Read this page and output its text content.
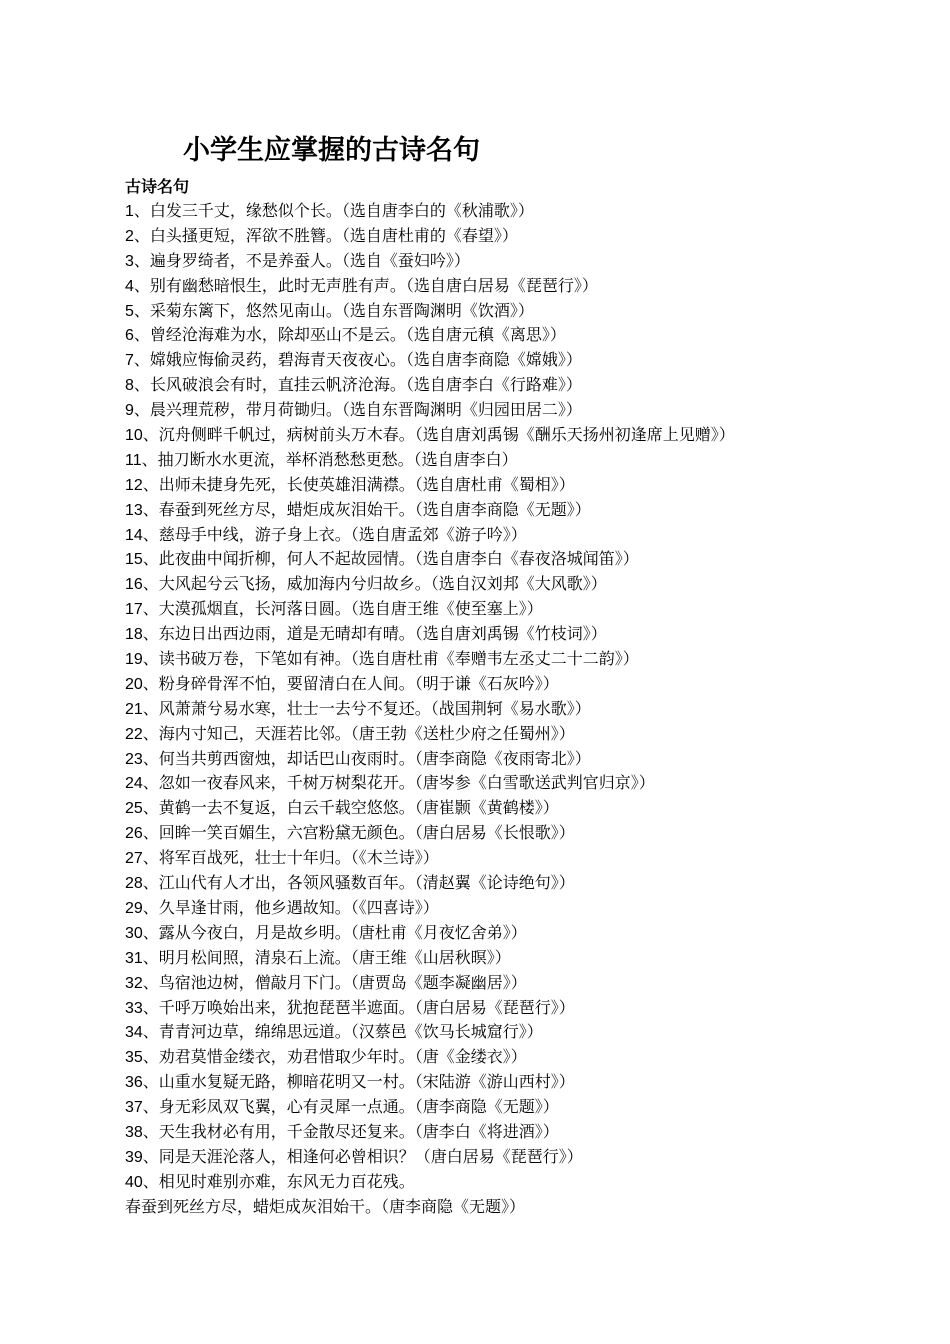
小学生应掌握的古诗名句
古诗名句
1、白发三千丈，缘愁似个长。（选自唐李白的《秋浦歌》）
2、白头搔更短，浑欲不胜簪。（选自唐杜甫的《春望》）
3、遍身罗绮者，不是养蚕人。（选自《蚕妇吟》）
4、别有幽愁暗恨生，此时无声胜有声。（选自唐白居易《琵琶行》）
5、采菊东篱下，悠然见南山。（选自东晋陶渊明《饮酒》）
6、曾经沧海难为水，除却巫山不是云。（选自唐元稹《离思》）
7、嫦娥应悔偷灵药，碧海青天夜夜心。（选自唐李商隐《嫦娥》）
8、长风破浪会有时，直挂云帆济沧海。（选自唐李白《行路难》）
9、晨兴理荒秽，带月荷锄归。（选自东晋陶渊明《归园田居二》）
10、沉舟侧畔千帆过，病树前头万木春。（选自唐刘禹锡《酬乐天扬州初逢席上见赠》）
11、抽刀断水水更流，举杯消愁愁更愁。（选自唐李白）
12、出师未捷身先死，长使英雄泪满襟。（选自唐杜甫《蜀相》）
13、春蚕到死丝方尽，蜡炬成灰泪始干。（选自唐李商隐《无题》）
14、慈母手中线，游子身上衣。（选自唐孟郊《游子吟》）
15、此夜曲中闻折柳，何人不起故园情。（选自唐李白《春夜洛城闻笛》）
16、大风起兮云飞扬，威加海内兮归故乡。（选自汉刘邦《大风歌》）
17、大漠孤烟直，长河落日圆。（选自唐王维《使至塞上》）
18、东边日出西边雨，道是无晴却有晴。（选自唐刘禹锡《竹枝词》）
19、读书破万卷，下笔如有神。（选自唐杜甫《奉赠韦左丞丈二十二韵》）
20、粉身碎骨浑不怕，要留清白在人间。（明于谦《石灰吟》）
21、风萧萧兮易水寒，壮士一去兮不复还。（战国荆轲《易水歌》）
22、海内寸知己，天涯若比邻。（唐王勃《送杜少府之任蜀州》）
23、何当共剪西窗烛，却话巴山夜雨时。（唐李商隐《夜雨寄北》）
24、忽如一夜春风来，千树万树梨花开。（唐岑参《白雪歌送武判官归京》）
25、黄鹤一去不复返，白云千载空悠悠。（唐崔颢《黄鹤楼》）
26、回眸一笑百媚生，六宫粉黛无颜色。（唐白居易《长恨歌》）
27、将军百战死，壮士十年归。（《木兰诗》）
28、江山代有人才出，各领风骚数百年。（清赵翼《论诗绝句》）
29、久旱逢甘雨，他乡遇故知。（《四喜诗》）
30、露从今夜白，月是故乡明。（唐杜甫《月夜忆舍弟》）
31、明月松间照，清泉石上流。（唐王维《山居秋暝》）
32、鸟宿池边树，僧敲月下门。（唐贾岛《题李凝幽居》）
33、千呼万唤始出来，犹抱琵琶半遮面。（唐白居易《琵琶行》）
34、青青河边草，绵绵思远道。（汉蔡邑《饮马长城窟行》）
35、劝君莫惜金缕衣，劝君惜取少年时。（唐《金缕衣》）
36、山重水复疑无路，柳暗花明又一村。（宋陆游《游山西村》）
37、身无彩凤双飞翼，心有灵犀一点通。（唐李商隐《无题》）
38、天生我材必有用，千金散尽还复来。（唐李白《将进酒》）
39、同是天涯沦落人，相逢何必曾相识？（唐白居易《琵琶行》）
40、相见时难别亦难，东风无力百花残。
春蚕到死丝方尽，蜡炬成灰泪始干。（唐李商隐《无题》）
